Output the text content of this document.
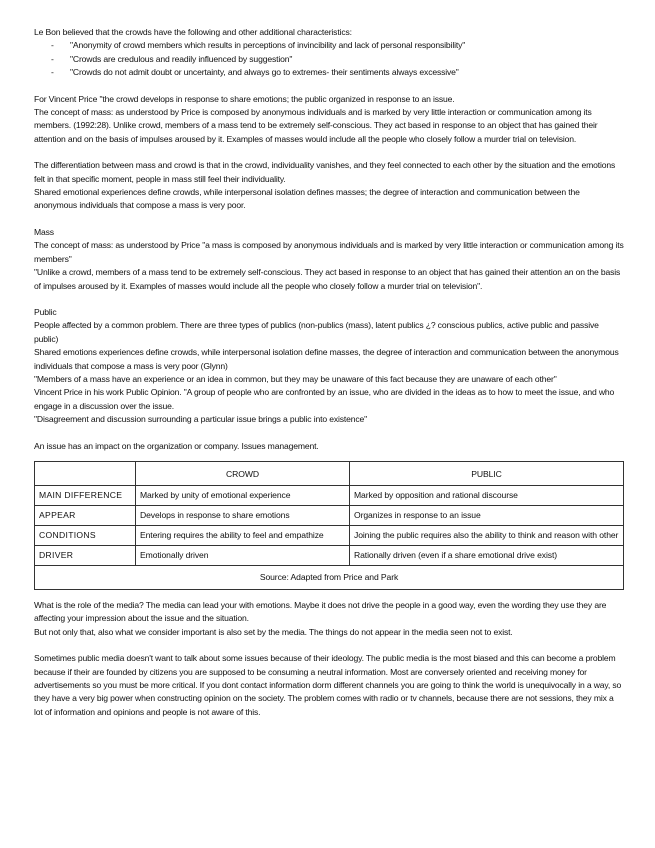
Le Bon believed that the crowds have the following and other additional characteristics:

- "Anonymity of crowd members which results in perceptions of invincibility and lack of personal responsibility"
- "Crowds are credulous and readily influenced by suggestion"
- "Crowds do not admit doubt or uncertainty, and always go to extremes- their sentiments always excessive"

For Vincent Price "the crowd develops in response to share emotions; the public organized in response to an issue.

The concept of mass: as understood by Price is composed by anonymous individuals and is marked by very little interaction or communication among its members. (1992:28). Unlike crowd, members of a mass tend to be extremely self-conscious. They act based in response to an object that has gained their attention and on the basis of impulses aroused by it. Examples of masses would include all the people who closely follow a murder trial on television.

The differentiation between mass and crowd is that in the crowd, individuality vanishes, and they feel connected to each other by the situation and the emotions felt in that specific moment, people in mass still feel their individuality.

Shared emotional experiences define crowds, while interpersonal isolation defines masses; the degree of interaction and communication between the anonymous individuals that compose a mass is very poor.

Mass

The concept of mass: as understood by Price "a mass is composed by anonymous individuals and is marked by very little interaction or communication among its members"

"Unlike a crowd, members of a mass tend to be extremely self-conscious. They act based in response to an object that has gained their attention an on the basis of impulses aroused by it. Examples of masses would include all the people who closely follow a murder trial on television".

Public

People affected by a common problem. There are three types of publics (non-publics (mass), latent publics ¿? conscious publics, active public and passive public)

Shared emotions experiences define crowds, while interpersonal isolation define masses, the degree of interaction and communication between the anonymous individuals that compose a mass is very poor (Glynn)

"Members of a mass have an experience or an idea in common, but they may be unaware of this fact because they are unaware of each other"

Vincent Price in his work Public Opinion. "A group of people who are confronted by an issue, who are divided in the ideas as to how to meet the issue, and who engage in a discussion over the issue.

"Disagreement and discussion surrounding a particular issue brings a public into existence"

An issue has an impact on the organization or company. Issues management.

	CROWD	PUBLIC
MAIN DIFFERENCE	Marked by unity of emotional experience	Marked by opposition and rational discourse
APPEAR	Develops in response to share emotions	Organizes in response to an issue
CONDITIONS	Entering requires the ability to feel and empathize	Joining the public requires also the ability to think and reason with other
DRIVER	Emotionally driven	Rationally driven (even if a share emotional drive exist)
Source: Adapted from Price and Park		

What is the role of the media? The media can lead your with emotions. Maybe it does not drive the people in a good way, even the wording they use they are affecting your impression about the issue and the situation.

But not only that, also what we consider important is also set by the media. The things do not appear in the media seen not to exist.

Sometimes public media doesn't want to talk about some issues because of their ideology. The public media is the most biased and this can become a problem because if their are founded by citizens you are supposed to be consuming a neutral information. Most are conversely oriented and receiving money for advertisements so you must be more critical. If you dont contact information dorm different channels you are going to think the world is unequivocally in a way, so they have a very big power when constructing opinion on the society. The problem comes with radio or tv channels, because there are not sessions, they mix a lot of information and opinions and people is not aware of this.
